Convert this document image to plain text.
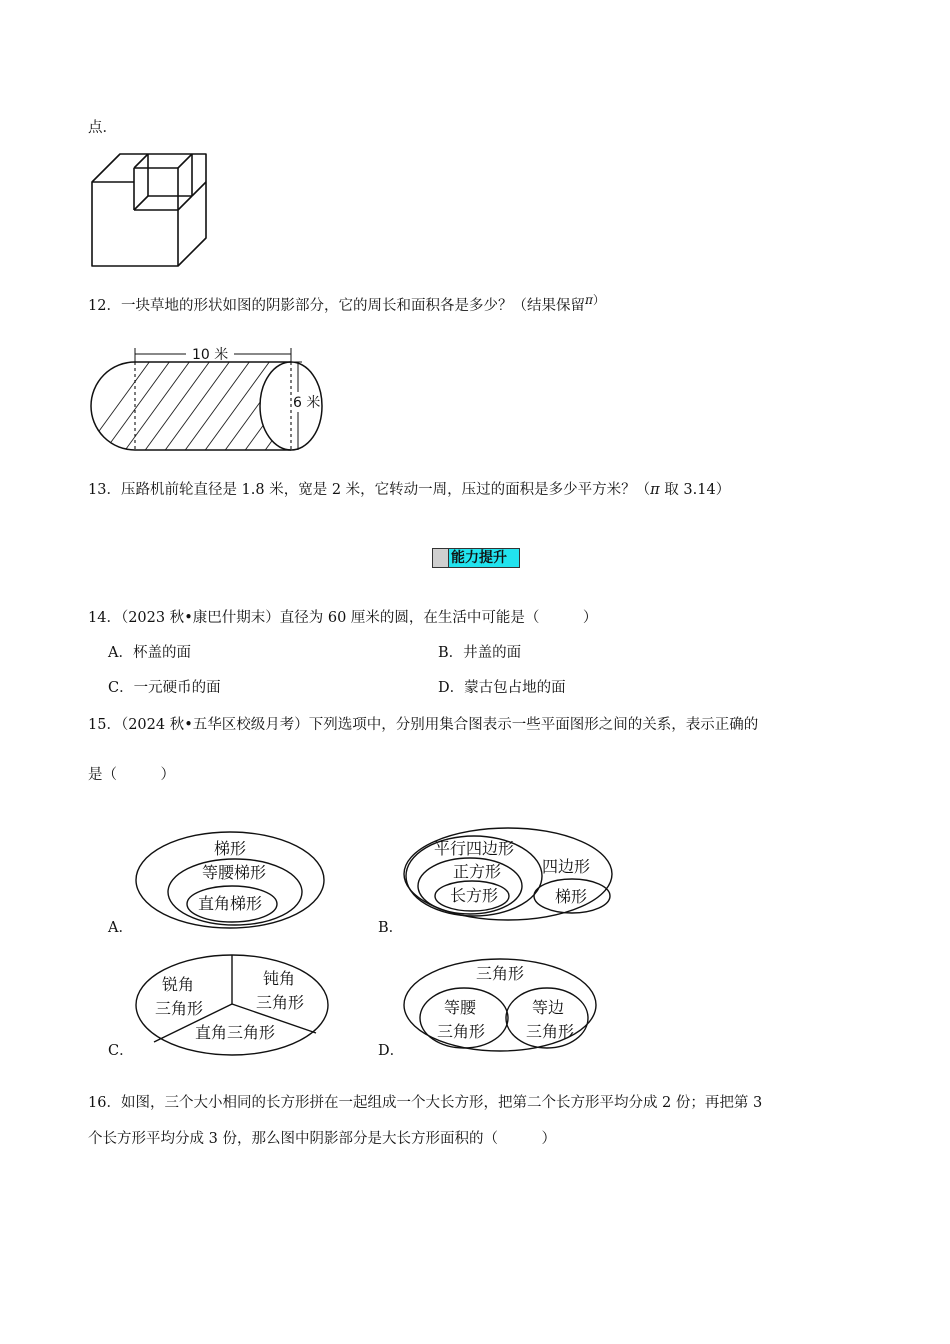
点．
12．一块草地的形状如图的阴影部分，它的周长和面积各是多少？（结果保留$^{\pi)}$
10 米
6 米
13．压路机前轮直径是 1.8 米，宽是 2 米，它转动一周，压过的面积是多少平方米？（π 取 3.14）
能力提升
14．（2023 秋•康巴什期末）直径为 60 厘米的圆，在生活中可能是（　　　）
A．杯盖的面	B．井盖的面
C．一元硬币的面	D．蒙古包占地的面
15．（2024 秋•五华区校级月考）下列选项中，分别用集合图表示一些平面图形之间的关系，表示正确的
是（　　　）
梯形
等腰梯形
直角梯形
A．
平行四边形
四边形
正方形
长方形	梯形
B．
锐角
三角形
钝角
三角形
直角三角形
C．
三角形
等腰
三角形
等边
三角形
D．
16．如图，三个大小相同的长方形拼在一起组成一个大长方形，把第二个长方形平均分成 2 份；再把第 3
个长方形平均分成 3 份，那么图中阴影部分是大长方形面积的（　　　）
